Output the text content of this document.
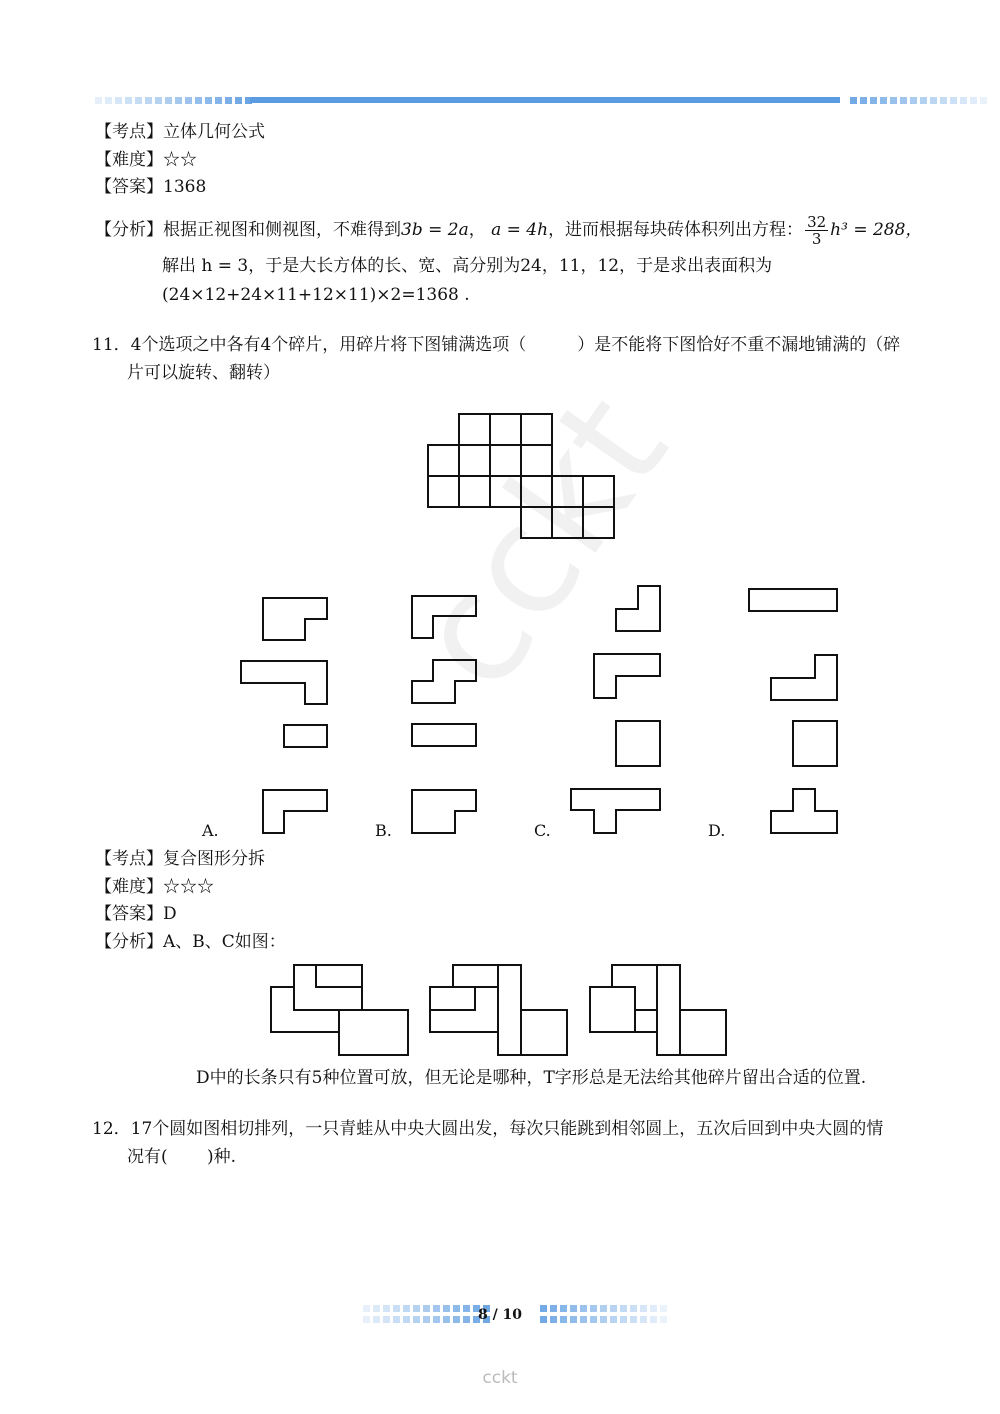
cckt
【考点】立体几何公式
【难度】☆☆
【答案】1368
【分析】根据正视图和侧视图，不难得到3b = 2a， a = 4h，进而根据每块砖体积列出方程： $\frac{32}{3} h^3 = 288$，
解出 h = 3，于是大长方体的长、宽、高分别为24，11，12，于是求出表面积为
(24×12+24×11+12×11)×2=1368 .
11．4个选项之中各有4个碎片，用碎片将下图铺满选项（　　　）是不能将下图恰好不重不漏地铺满的（碎
片可以旋转、翻转）
A.	B.	C.	D.
【考点】复合图形分拆
【难度】☆☆☆
【答案】D
【分析】A、B、C如图：
D中的长条只有5种位置可放，但无论是哪种，T字形总是无法给其他碎片留出合适的位置.
12．17个圆如图相切排列，一只青蛙从中央大圆出发，每次只能跳到相邻圆上，五次后回到中央大圆的情
况有(　　 )种.
8 / 10
cckt
